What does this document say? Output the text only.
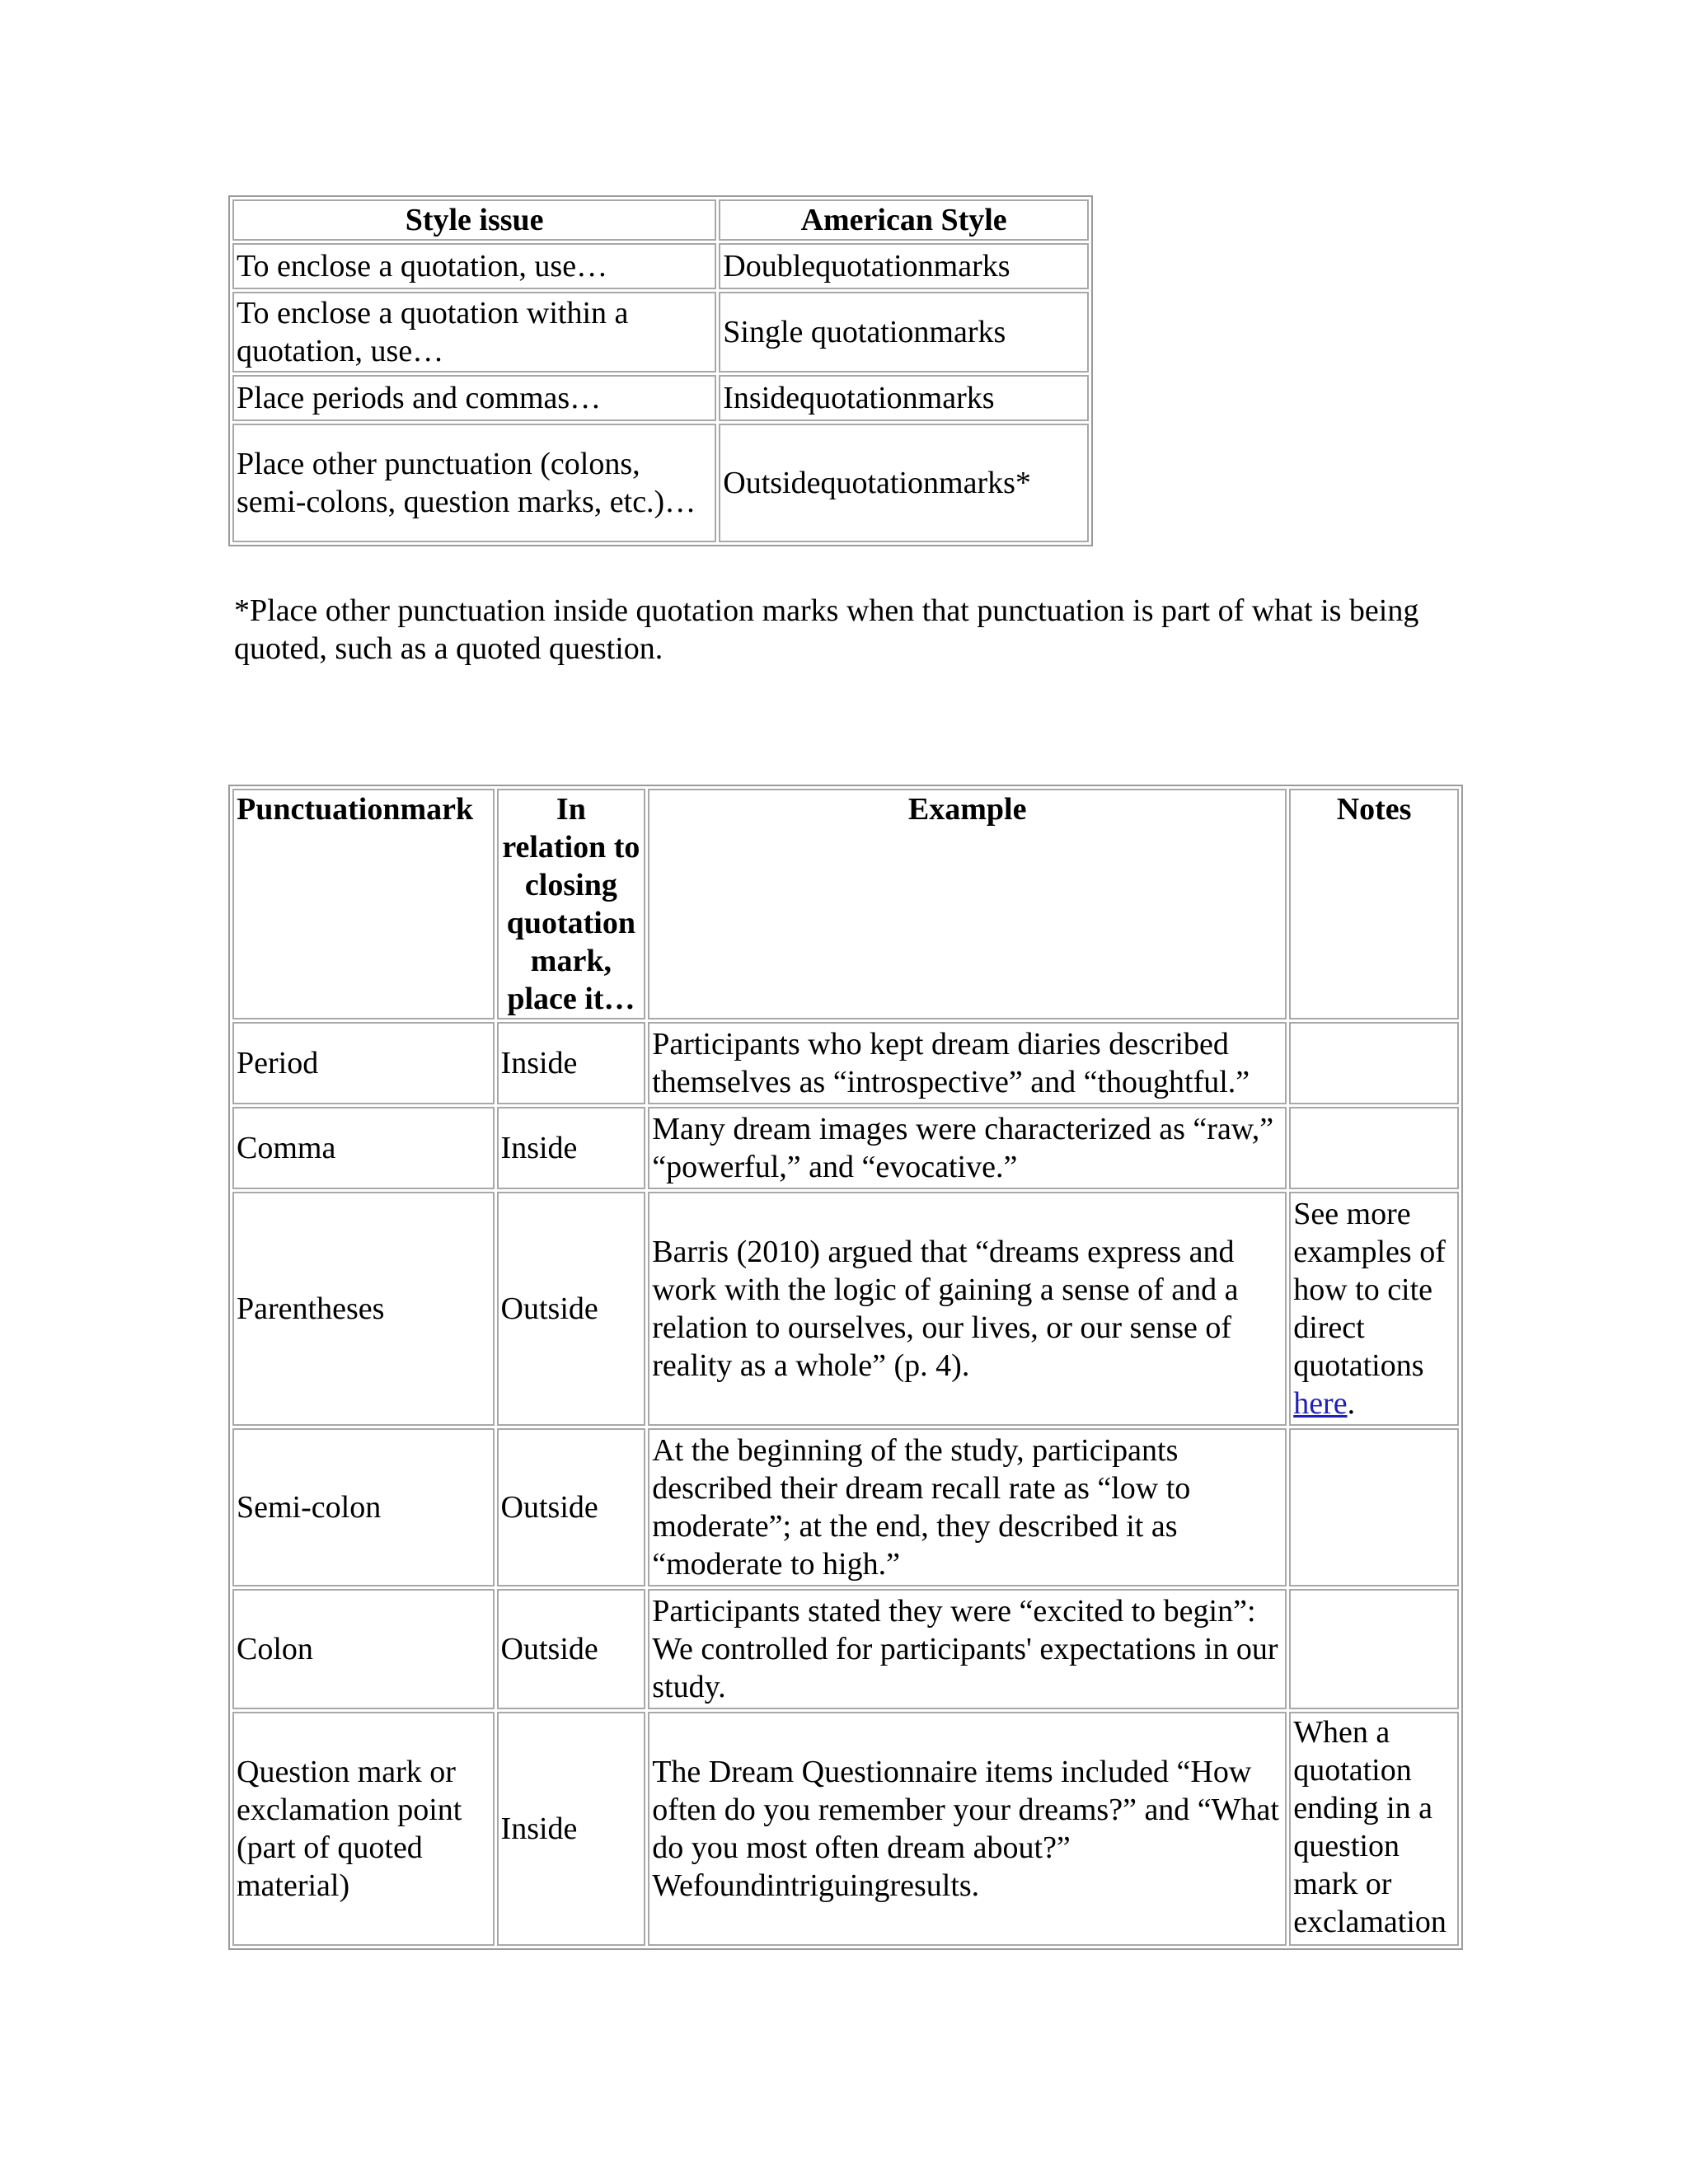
Style issue	American Style
To enclose a quotation, use…	Doublequotationmarks
To enclose a quotation within a quotation, use…	Single quotationmarks
Place periods and commas…	Insidequotationmarks
Place other punctuation (colons, semi-colons, question marks, etc.)…	Outsidequotationmarks*
*Place other punctuation inside quotation marks when that punctuation is part of what is being quoted, such as a quoted question.
Punctuationmark	In relation to closing quotation mark, place it…	Example	Notes
Period	Inside	Participants who kept dream diaries described themselves as “introspective” and “thoughtful.”	
Comma	Inside	Many dream images were characterized as “raw,” “powerful,” and “evocative.”	
Parentheses	Outside	Barris (2010) argued that “dreams express and work with the logic of gaining a sense of and a relation to ourselves, our lives, or our sense of reality as a whole” (p. 4).	See more examples of how to cite direct quotations here.
Semi-colon	Outside	At the beginning of the study, participants described their dream recall rate as “low to moderate”; at the end, they described it as “moderate to high.”	
Colon	Outside	Participants stated they were “excited to begin”: We controlled for participants' expectations in our study.	
Question mark or exclamation point (part of quoted material)	Inside	The Dream Questionnaire items included “How often do you remember your dreams?” and “What do you most often dream about?” Wefoundintriguingresults.	When a quotation ending in a question mark or exclamation
